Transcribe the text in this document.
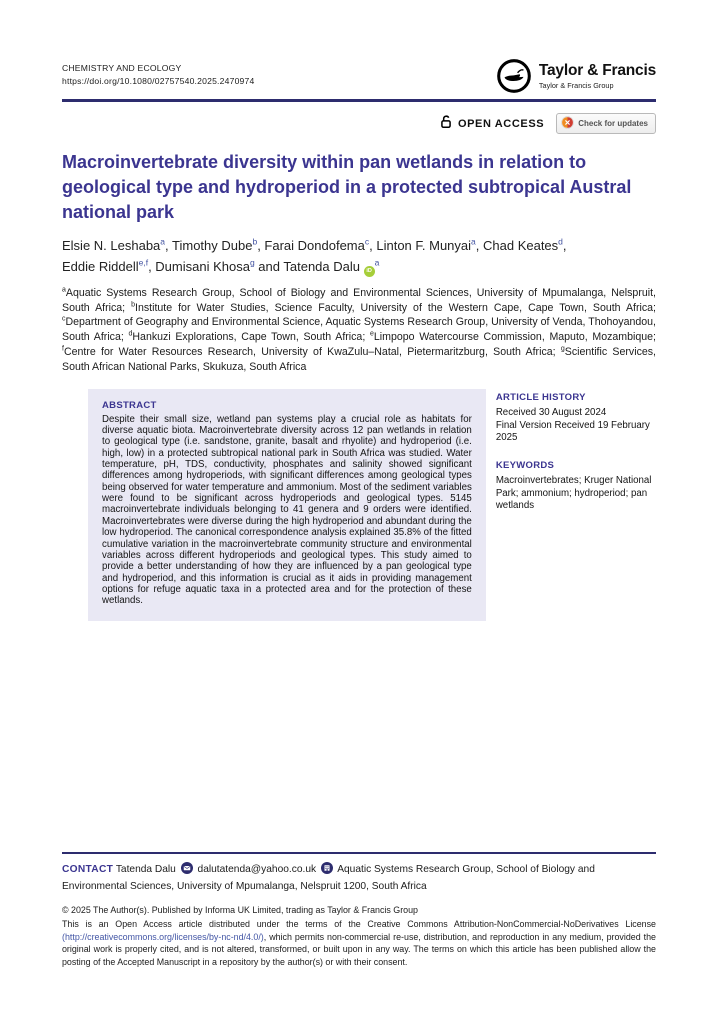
CHEMISTRY AND ECOLOGY
https://doi.org/10.1080/02757540.2025.2470974
Taylor & Francis
Taylor & Francis Group
OPEN ACCESS	Check for updates
Macroinvertebrate diversity within pan wetlands in relation to geological type and hydroperiod in a protected subtropical Austral national park
Elsie N. Leshaba$^a$, Timothy Dube$^b$, Farai Dondofema$^c$, Linton F. Munyai$^a$, Chad Keates$^d$, Eddie Riddell$^{e,f}$, Dumisani Khosa$^g$ and Tatenda Dalu $iD^a$
$^a$Aquatic Systems Research Group, School of Biology and Environmental Sciences, University of Mpumalanga, Nelspruit, South Africa; $^b$Institute for Water Studies, Science Faculty, University of the Western Cape, Cape Town, South Africa; $^c$Department of Geography and Environmental Science, Aquatic Systems Research Group, University of Venda, Thohoyandou, South Africa; $^d$Hankuzi Explorations, Cape Town, South Africa; $^e$Limpopo Watercourse Commission, Maputo, Mozambique; $^f$Centre for Water Resources Research, University of KwaZulu–Natal, Pietermaritzburg, South Africa; $^g$Scientific Services, South African National Parks, Skukuza, South Africa
ABSTRACT
Despite their small size, wetland pan systems play a crucial role as habitats for diverse aquatic biota. Macroinvertebrate diversity across 12 pan wetlands in relation to geological type (i.e. sandstone, granite, basalt and rhyolite) and hydroperiod (i.e. high, low) in a protected subtropical national park in South Africa was studied. Water temperature, pH, TDS, conductivity, phosphates and salinity showed significant differences among hydroperiods, with significant differences among geological types being observed for water temperature and ammonium. Most of the sediment variables were found to be significant across hydroperiods and geological types. 5145 macroinvertebrate individuals belonging to 41 genera and 9 orders were identified. Macroinvertebrates were diverse during the high hydroperiod and abundant during the low hydroperiod. The canonical correspondence analysis explained 35.8% of the fitted cumulative variation in the macroinvertebrate community structure and environmental variables across different hydroperiods and geological types. This study aimed to provide a better understanding of how they are influenced by a pan geological type and hydroperiod, and this information is crucial as it aids in providing management options for refuge aquatic taxa in a protected area and for the protection of these wetlands.
ARTICLE HISTORY
Received 30 August 2024
Final Version Received 19 February 2025
KEYWORDS
Macroinvertebrates; Kruger National Park; ammonium; hydroperiod; pan wetlands
CONTACT Tatenda Dalu dalutatenda@yahoo.co.uk Aquatic Systems Research Group, School of Biology and Environmental Sciences, University of Mpumalanga, Nelspruit 1200, South Africa
© 2025 The Author(s). Published by Informa UK Limited, trading as Taylor & Francis Group
This is an Open Access article distributed under the terms of the Creative Commons Attribution-NonCommercial-NoDerivatives License (http://creativecommons.org/licenses/by-nc-nd/4.0/), which permits non-commercial re-use, distribution, and reproduction in any medium, provided the original work is properly cited, and is not altered, transformed, or built upon in any way. The terms on which this article has been published allow the posting of the Accepted Manuscript in a repository by the author(s) or with their consent.
